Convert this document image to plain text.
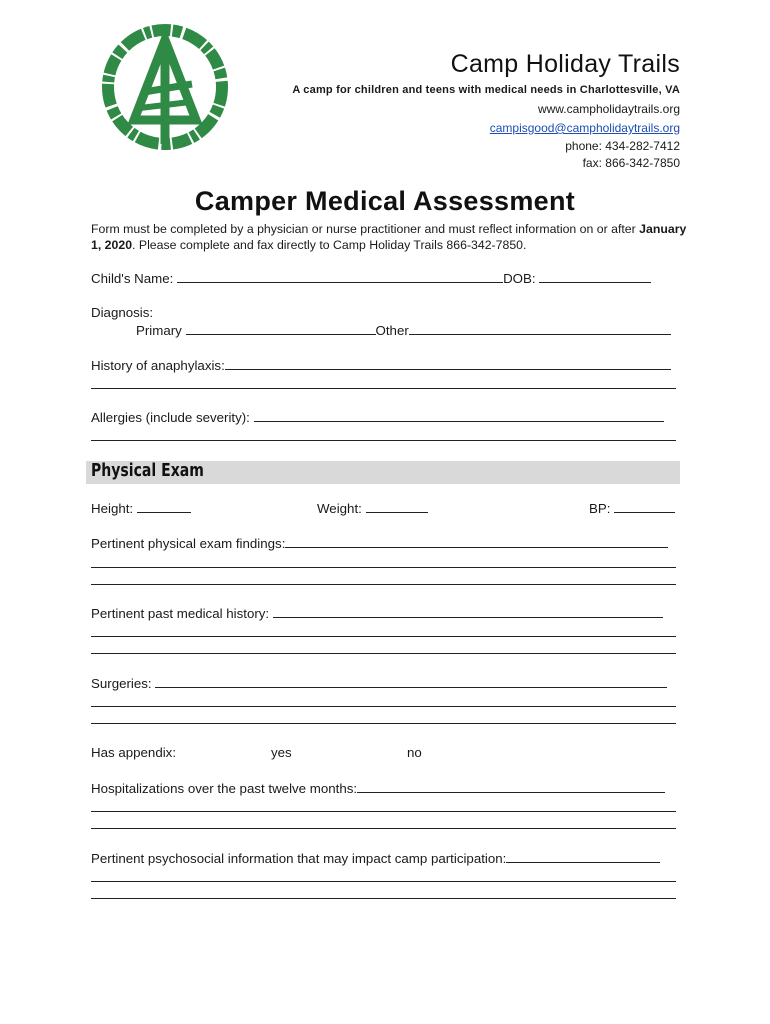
Camp Holiday Trails
A camp for children and teens with medical needs in Charlottesville, VA
www.campholidaytrails.org
campisgood@campholidaytrails.org
phone: 434-282-7412
fax: 866-342-7850
Camper Medical Assessment
Form must be completed by a physician or nurse practitioner and must reflect information on or after January 1, 2020. Please complete and fax directly to Camp Holiday Trails 866-342-7850.
Child's Name:	DOB:
Diagnosis:
Primary	Other
History of anaphylaxis:
Allergies (include severity):
Physical Exam
Height:	Weight:	BP:
Pertinent physical exam findings:
Pertinent past medical history:
Surgeries:
Has appendix:	yes	no
Hospitalizations over the past twelve months:
Pertinent psychosocial information that may impact camp participation:
